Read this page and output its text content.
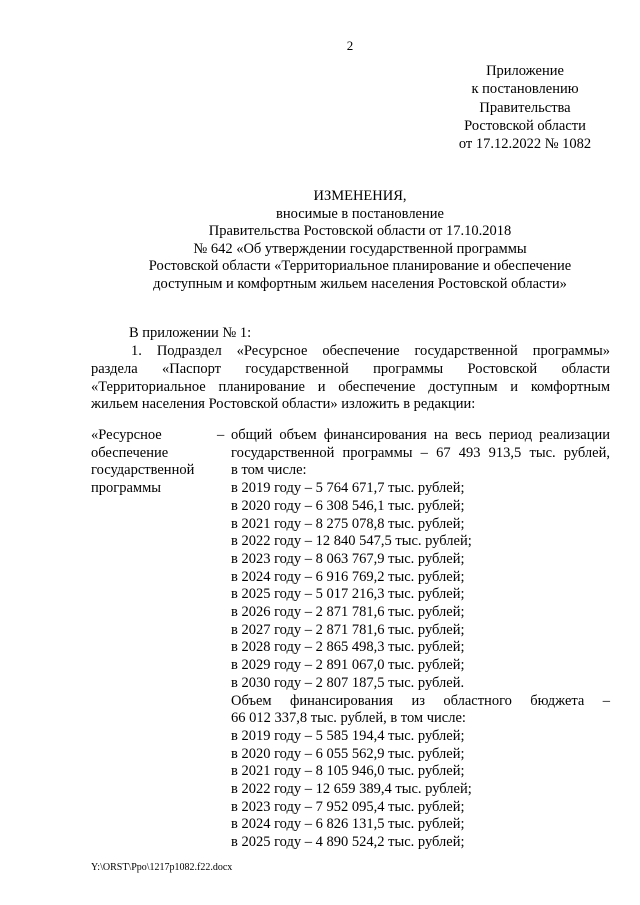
2
Приложение
к постановлению
Правительства
Ростовской области
от 17.12.2022 № 1082
ИЗМЕНЕНИЯ,
вносимые в постановление
Правительства Ростовской области от 17.10.2018
№ 642 «Об утверждении государственной программы
Ростовской области «Территориальное планирование и обеспечение
доступным и комфортным жильем населения Ростовской области»
В приложении № 1:
1. Подраздел «Ресурсное обеспечение государственной программы»
раздела «Паспорт государственной программы Ростовской области
«Территориальное планирование и обеспечение доступным и комфортным
жильем населения Ростовской области» изложить в редакции:
«Ресурсное
обеспечение
государственной
программы
– общий объем финансирования на весь период реализации
государственной программы – 67 493 913,5 тыс. рублей,
в том числе:
в 2019 году – 5 764 671,7 тыс. рублей;
в 2020 году – 6 308 546,1 тыс. рублей;
в 2021 году – 8 275 078,8 тыс. рублей;
в 2022 году – 12 840 547,5 тыс. рублей;
в 2023 году – 8 063 767,9 тыс. рублей;
в 2024 году – 6 916 769,2 тыс. рублей;
в 2025 году – 5 017 216,3 тыс. рублей;
в 2026 году – 2 871 781,6 тыс. рублей;
в 2027 году – 2 871 781,6 тыс. рублей;
в 2028 году – 2 865 498,3 тыс. рублей;
в 2029 году – 2 891 067,0 тыс. рублей;
в 2030 году – 2 807 187,5 тыс. рублей.
Объем финансирования из областного бюджета –
66 012 337,8 тыс. рублей, в том числе:
в 2019 году – 5 585 194,4 тыс. рублей;
в 2020 году – 6 055 562,9 тыс. рублей;
в 2021 году – 8 105 946,0 тыс. рублей;
в 2022 году – 12 659 389,4 тыс. рублей;
в 2023 году – 7 952 095,4 тыс. рублей;
в 2024 году – 6 826 131,5 тыс. рублей;
в 2025 году – 4 890 524,2 тыс. рублей;
Y:\ORST\Ppo\1217p1082.f22.docx
